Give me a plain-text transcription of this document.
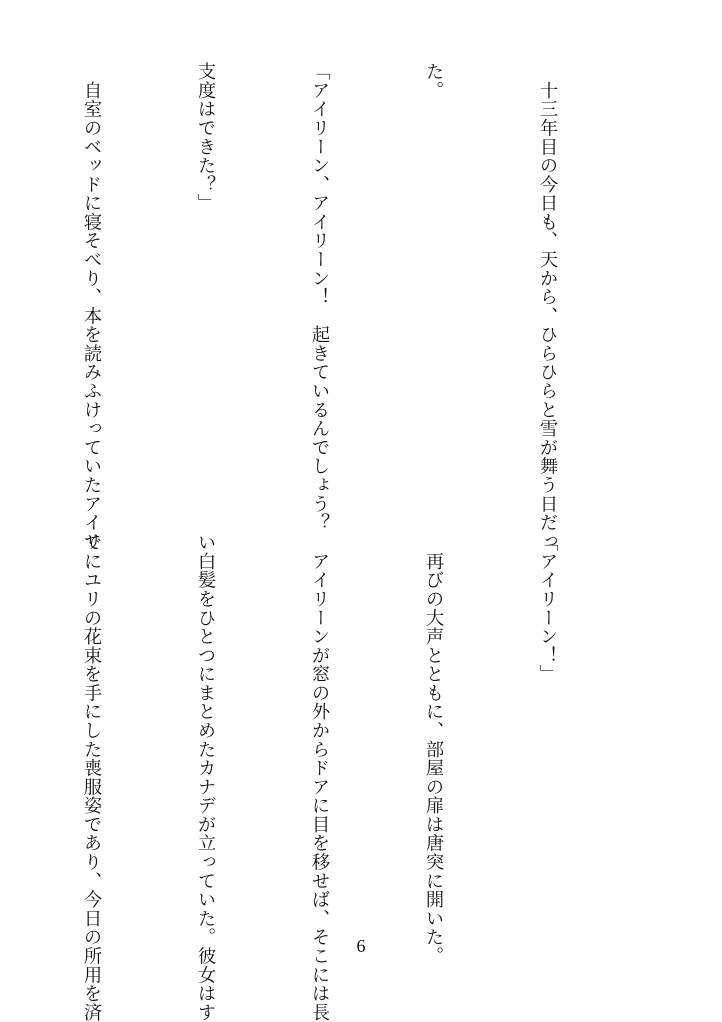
　十三年目の今日も、天から、ひらひらと雪が舞う日だっ

た。

「アイリーン、アイリーン！　起きているんでしょう？

支度はできた？」

　自室のベッドに寝そべり、本を読みふけっていたアイリ

「アイリーン！」

　再びの大声とともに、部屋の扉は唐突に開いた。

　アイリーンが窓の外からドアに目を移せば、そこには長

い白髪をひとつにまとめたカナデが立っていた。彼女はす

でにユリの花束を手にした喪服姿であり、今日の所用を済

	6
